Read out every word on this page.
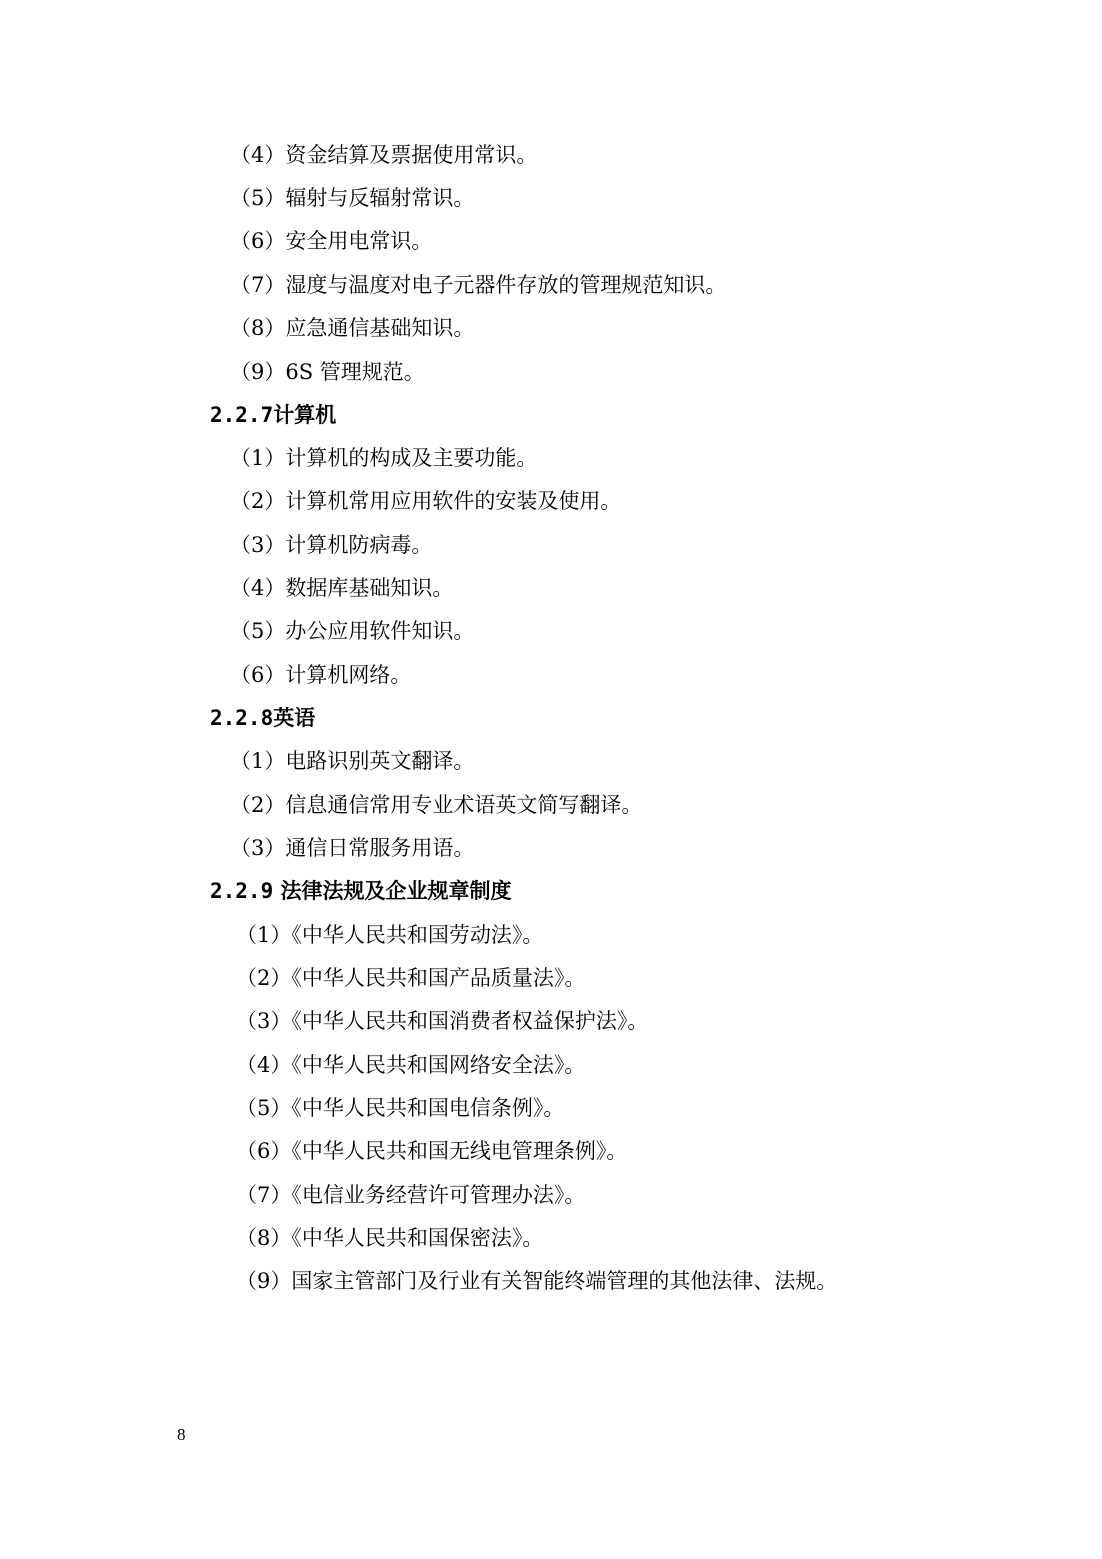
（4）资金结算及票据使用常识。
（5）辐射与反辐射常识。
（6）安全用电常识。
（7）湿度与温度对电子元器件存放的管理规范知识。
（8）应急通信基础知识。
（9）6S 管理规范。
2.2.7计算机
（1）计算机的构成及主要功能。
（2）计算机常用应用软件的安装及使用。
（3）计算机防病毒。
（4）数据库基础知识。
（5）办公应用软件知识。
（6）计算机网络。
2.2.8英语
（1）电路识别英文翻译。
（2）信息通信常用专业术语英文简写翻译。
（3）通信日常服务用语。
2.2.9 法律法规及企业规章制度
（1）《中华人民共和国劳动法》。
（2）《中华人民共和国产品质量法》。
（3）《中华人民共和国消费者权益保护法》。
（4）《中华人民共和国网络安全法》。
（5）《中华人民共和国电信条例》。
（6）《中华人民共和国无线电管理条例》。
（7）《电信业务经营许可管理办法》。
（8）《中华人民共和国保密法》。
（9）国家主管部门及行业有关智能终端管理的其他法律、法规。
8
